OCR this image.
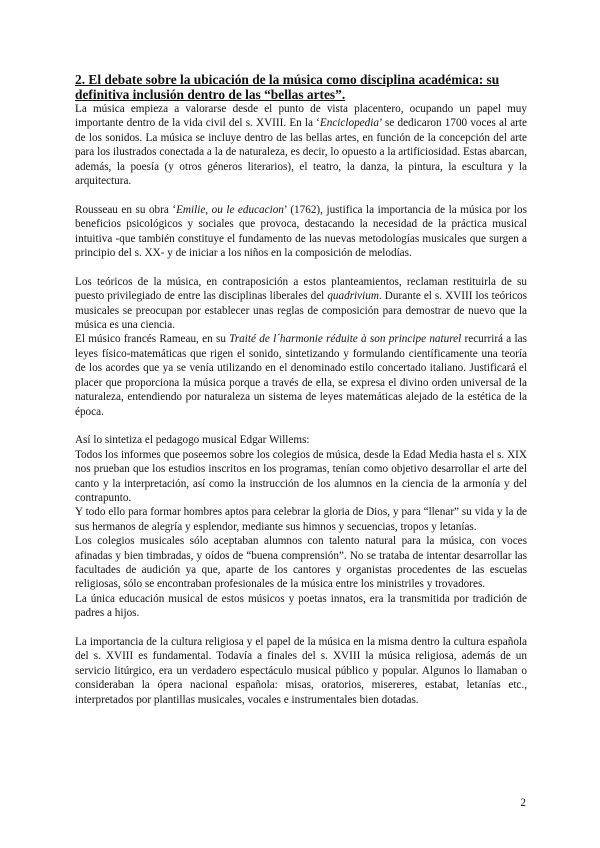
2. El debate sobre la ubicación de la música como disciplina académica: su definitiva inclusión dentro de las “bellas artes”.

La música empieza a valorarse desde el punto de vista placentero, ocupando un papel muy importante dentro de la vida civil del s. XVIII. En la ‘Enciclopedia’ se dedicaron 1700 voces al arte de los sonidos. La música se incluye dentro de las bellas artes, en función de la concepción del arte para los ilustrados conectada a la de naturaleza, es decir, lo opuesto a la artificiosidad. Estas abarcan, además, la poesía (y otros géneros literarios), el teatro, la danza, la pintura, la escultura y la arquitectura.

Rousseau en su obra ‘Emilie, ou le educacion’ (1762), justifica la importancia de la música por los beneficios psicológicos y sociales que provoca, destacando la necesidad de la práctica musical intuitiva -que también constituye el fundamento de las nuevas metodologías musicales que surgen a principio del s. XX- y de iniciar a los niños en la composición de melodías.

Los teóricos de la música, en contraposición a estos planteamientos, reclaman restituirla de su puesto privilegiado de entre las disciplinas liberales del quadrivium. Durante el s. XVIII los teóricos musicales se preocupan por establecer unas reglas de composición para demostrar de nuevo que la música es una ciencia.

El músico francés Rameau, en su Traité de l´harmonie réduite à son principe naturel recurrirá a las leyes físico-matemáticas que rigen el sonido, sintetizando y formulando científicamente una teoría de los acordes que ya se venía utilizando en el denominado estilo concertado italiano. Justificará el placer que proporciona la música porque a través de ella, se expresa el divino orden universal de la naturaleza, entendiendo por naturaleza un sistema de leyes matemáticas alejado de la estética de la época.

Así lo sintetiza el pedagogo musical Edgar Willems:

Todos los informes que poseemos sobre los colegios de música, desde la Edad Media hasta el s. XIX nos prueban que los estudios inscritos en los programas, tenían como objetivo desarrollar el arte del canto y la interpretación, así como la instrucción de los alumnos en la ciencia de la armonía y del contrapunto.

Y todo ello para formar hombres aptos para celebrar la gloria de Dios, y para “llenar” su vida y la de sus hermanos de alegría y esplendor, mediante sus himnos y secuencias, tropos y letanías.

Los colegios musicales sólo aceptaban alumnos con talento natural para la música, con voces afinadas y bien timbradas, y oídos de “buena comprensión”. No se trataba de intentar desarrollar las facultades de audición ya que, aparte de los cantores y organistas procedentes de las escuelas religiosas, sólo se encontraban profesionales de la música entre los ministriles y trovadores.

La única educación musical de estos músicos y poetas innatos, era la transmitida por tradición de padres a hijos.

La importancia de la cultura religiosa y el papel de la música en la misma dentro la cultura española del s. XVIII es fundamental. Todavía a finales del s. XVIII la música religiosa, además de un servicio litúrgico, era un verdadero espectáculo musical público y popular. Algunos lo llamaban o consideraban la ópera nacional española: misas, oratorios, misereres, estabat, letanías etc., interpretados por plantillas musicales, vocales e instrumentales bien dotadas.

2
